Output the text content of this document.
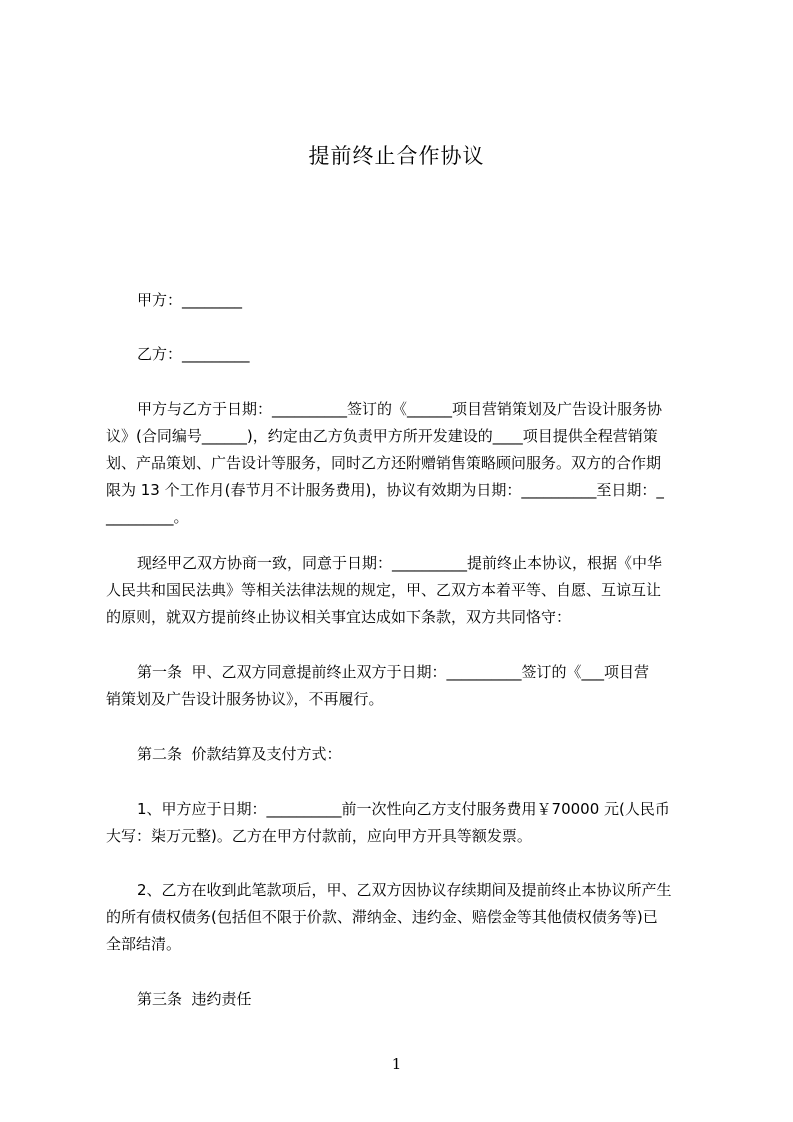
提前终止合作协议
甲方：________
乙方：_________
甲方与乙方于日期：__________签订的《______项目营销策划及广告设计服务协
议》(合同编号______)，约定由乙方负责甲方所开发建设的____项目提供全程营销策
划、产品策划、广告设计等服务，同时乙方还附赠销售策略顾问服务。双方的合作期
限为 13 个工作月(春节月不计服务费用)，协议有效期为日期：__________至日期：_
_________。
现经甲乙双方协商一致，同意于日期：__________提前终止本协议，根据《中华
人民共和国民法典》等相关法律法规的规定，甲、乙双方本着平等、自愿、互谅互让
的原则，就双方提前终止协议相关事宜达成如下条款，双方共同恪守：
第一条  甲、乙双方同意提前终止双方于日期：__________签订的《___项目营
销策划及广告设计服务协议》，不再履行。
第二条  价款结算及支付方式：
1、甲方应于日期：__________前一次性向乙方支付服务费用￥70000 元(人民币
大写：柒万元整)。乙方在甲方付款前，应向甲方开具等额发票。
2、乙方在收到此笔款项后，甲、乙双方因协议存续期间及提前终止本协议所产生
的所有债权债务(包括但不限于价款、滞纳金、违约金、赔偿金等其他债权债务等)已
全部结清。
第三条  违约责任
1
